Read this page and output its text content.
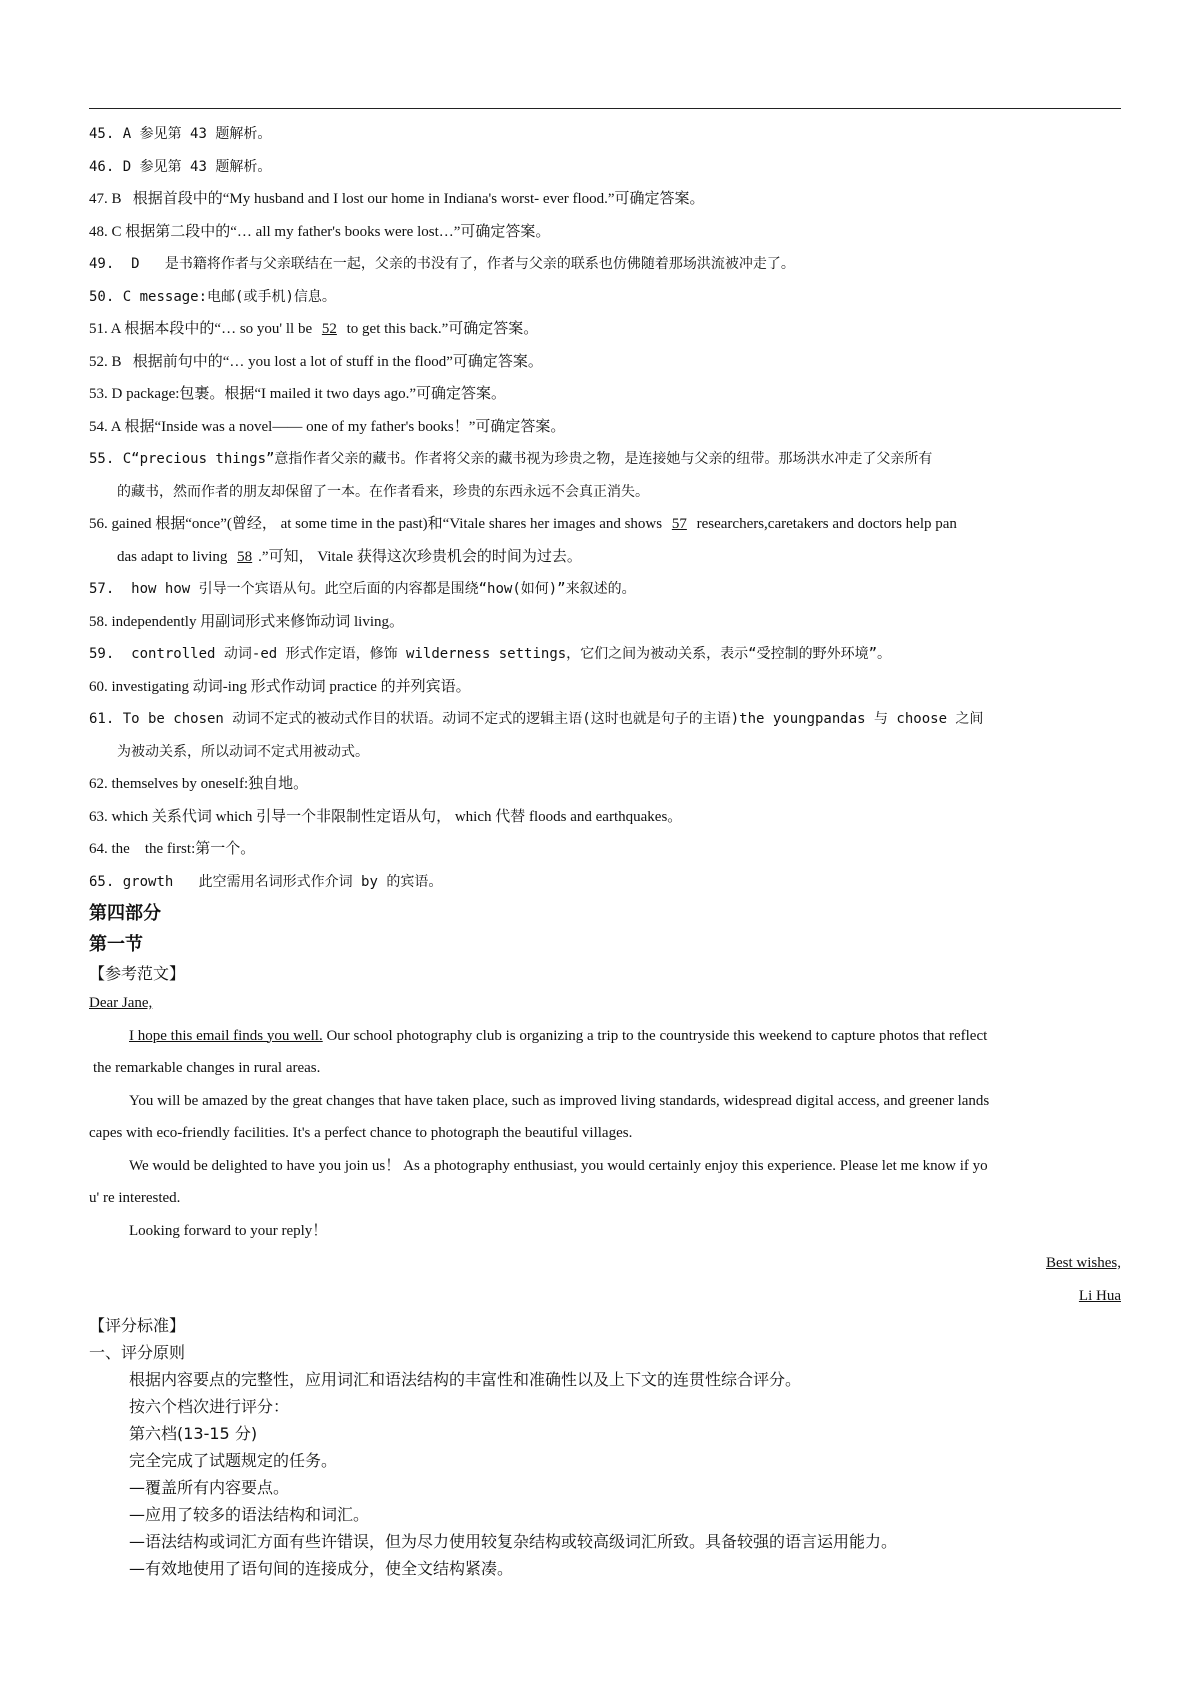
45. A 参见第 43 题解析。
46. D 参见第 43 题解析。
47. B 根据首段中的“My husband and I lost our home in Indiana's worst- ever flood.”可确定答案。
48. C 根据第二段中的“… all my father's books were lost…”可确定答案。
49. D 是书籍将作者与父亲联结在一起，父亲的书没有了，作者与父亲的联系也仿佛随着那场洪流被冲走了。
50. C message:电邮(或手机)信息。
51. A 根据本段中的“… so you' ll be 52 to get this back.”可确定答案。
52. B 根据前句中的“… you lost a lot of stuff in the flood”可确定答案。
53. D package:包裹。根据“I mailed it two days ago.”可确定答案。
54. A 根据“Inside was a novel—— one of my father's books！”可确定答案。
55. C“precious things”意指作者父亲的藏书。作者将父亲的藏书视为珍贵之物，是连接她与父亲的纽带。那场洪水冲走了父亲所有
的藏书，然而作者的朋友却保留了一本。在作者看来，珍贵的东西永远不会真正消失。
56. gained 根据“once”(曾经， at some time in the past)和“Vitale shares her images and shows 57 researchers,caretakers and doctors help pan
das adapt to living 58 .”可知， Vitale 获得这次珍贵机会的时间为过去。
57. how how 引导一个宾语从句。此空后面的内容都是围绕“how(如何)”来叙述的。
58. independently 用副词形式来修饰动词 living。
59. controlled 动词-ed 形式作定语，修饰 wilderness settings，它们之间为被动关系，表示“受控制的野外环境”。
60. investigating 动词-ing 形式作动词 practice 的并列宾语。
61. To be chosen 动词不定式的被动式作目的状语。动词不定式的逻辑主语(这时也就是句子的主语)the youngpandas 与 choose 之间
为被动关系，所以动词不定式用被动式。
62. themselves by oneself:独自地。
63. which 关系代词 which 引导一个非限制性定语从句， which 代替 floods and earthquakes。
64. the the first:第一个。
65. growth 此空需用名词形式作介词 by 的宾语。
第四部分
第一节
【参考范文】
Dear Jane,
I hope this email finds you well. Our school photography club is organizing a trip to the countryside this weekend to capture photos that reflect
the remarkable changes in rural areas.
You will be amazed by the great changes that have taken place, such as improved living standards, widespread digital access, and greener lands
capes with eco-friendly facilities. It's a perfect chance to photograph the beautiful villages.
We would be delighted to have you join us！ As a photography enthusiast, you would certainly enjoy this experience. Please let me know if yo
u' re interested.
Looking forward to your reply！
Best wishes,
Li Hua
【评分标准】
一、评分原则
根据内容要点的完整性，应用词汇和语法结构的丰富性和准确性以及上下文的连贯性综合评分。
按六个档次进行评分：
第六档(13-15 分)
完全完成了试题规定的任务。
—覆盖所有内容要点。
—应用了较多的语法结构和词汇。
—语法结构或词汇方面有些许错误，但为尽力使用较复杂结构或较高级词汇所致。具备较强的语言运用能力。
—有效地使用了语句间的连接成分，使全文结构紧凑。
